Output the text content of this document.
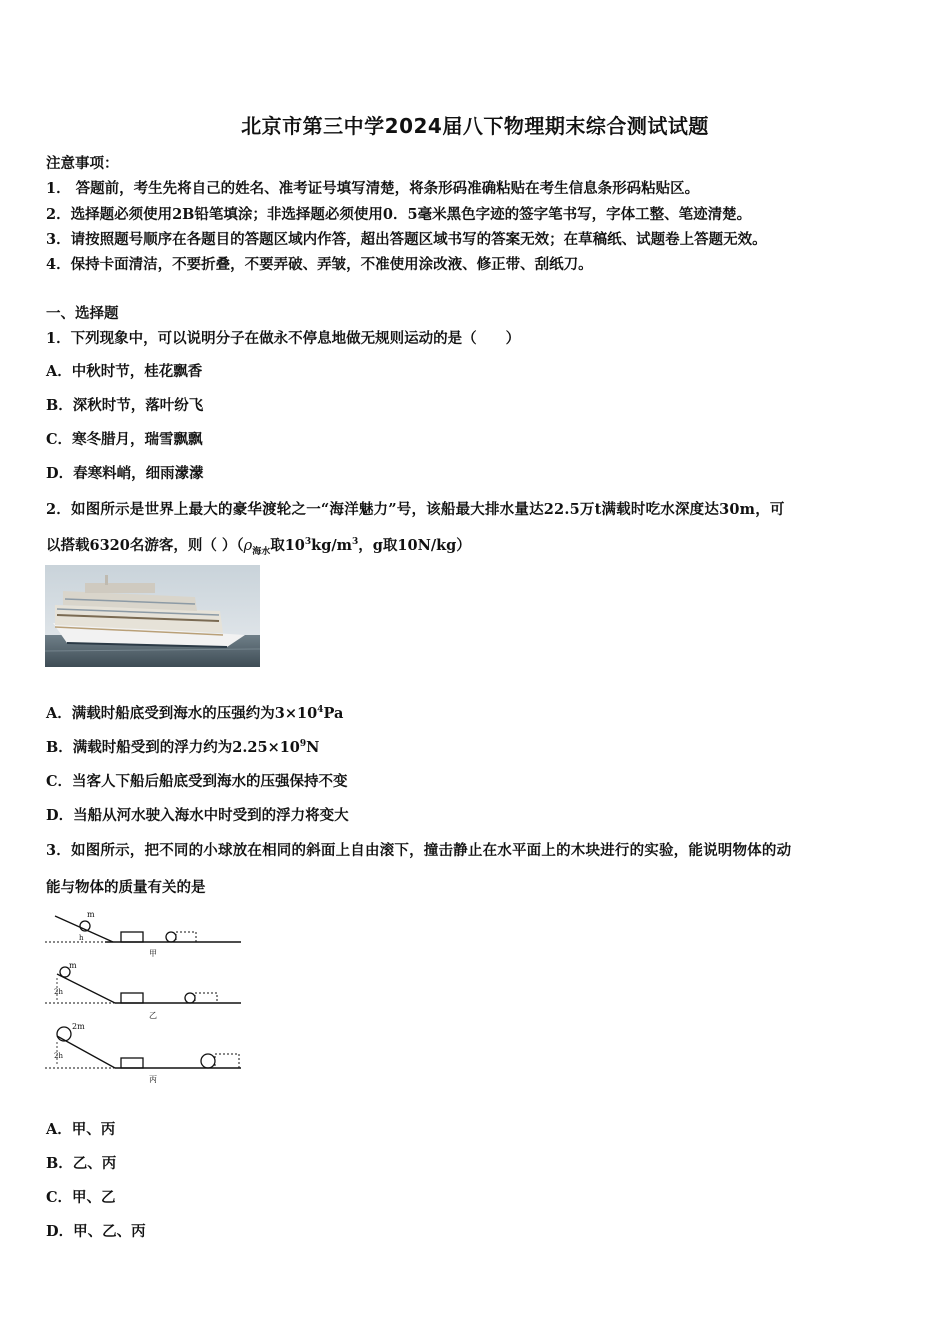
北京市第三中学2024届八下物理期末综合测试试题
注意事项：
1． 答题前，考生先将自己的姓名、准考证号填写清楚，将条形码准确粘贴在考生信息条形码粘贴区。
2．选择题必须使用2B铅笔填涂；非选择题必须使用0．5毫米黑色字迹的签字笔书写，字体工整、笔迹清楚。
3．请按照题号顺序在各题目的答题区域内作答，超出答题区域书写的答案无效；在草稿纸、试题卷上答题无效。
4．保持卡面清洁，不要折叠，不要弄破、弄皱，不准使用涂改液、修正带、刮纸刀。
一、选择题
1．下列现象中，可以说明分子在做永不停息地做无规则运动的是（　　）
A．中秋时节，桂花飘香
B．深秋时节，落叶纷飞
C．寒冬腊月，瑞雪飘飘
D．春寒料峭，细雨濛濛
2．如图所示是世界上最大的豪华渡轮之一“海洋魅力”号，该船最大排水量达22.5万t满载时吃水深度达30m，可
以搭载6320名游客，则（ ）（$\rho_{海水}$取$10^3kg/m^3$，g取10N/kg）
A．满载时船底受到海水的压强约为$3\times 10^4Pa$
B．满载时船受到的浮力约为$2.25\times 10^9N$
C．当客人下船后船底受到海水的压强保持不变
D．当船从河水驶入海水中时受到的浮力将变大
3．如图所示，把不同的小球放在相同的斜面上自由滚下，撞击静止在水平面上的木块进行的实验，能说明物体的动
能与物体的质量有关的是
m
h
甲
m
2h
乙
2m
2h
丙
A．甲、丙
B．乙、丙
C．甲、乙
D．甲、乙、丙
